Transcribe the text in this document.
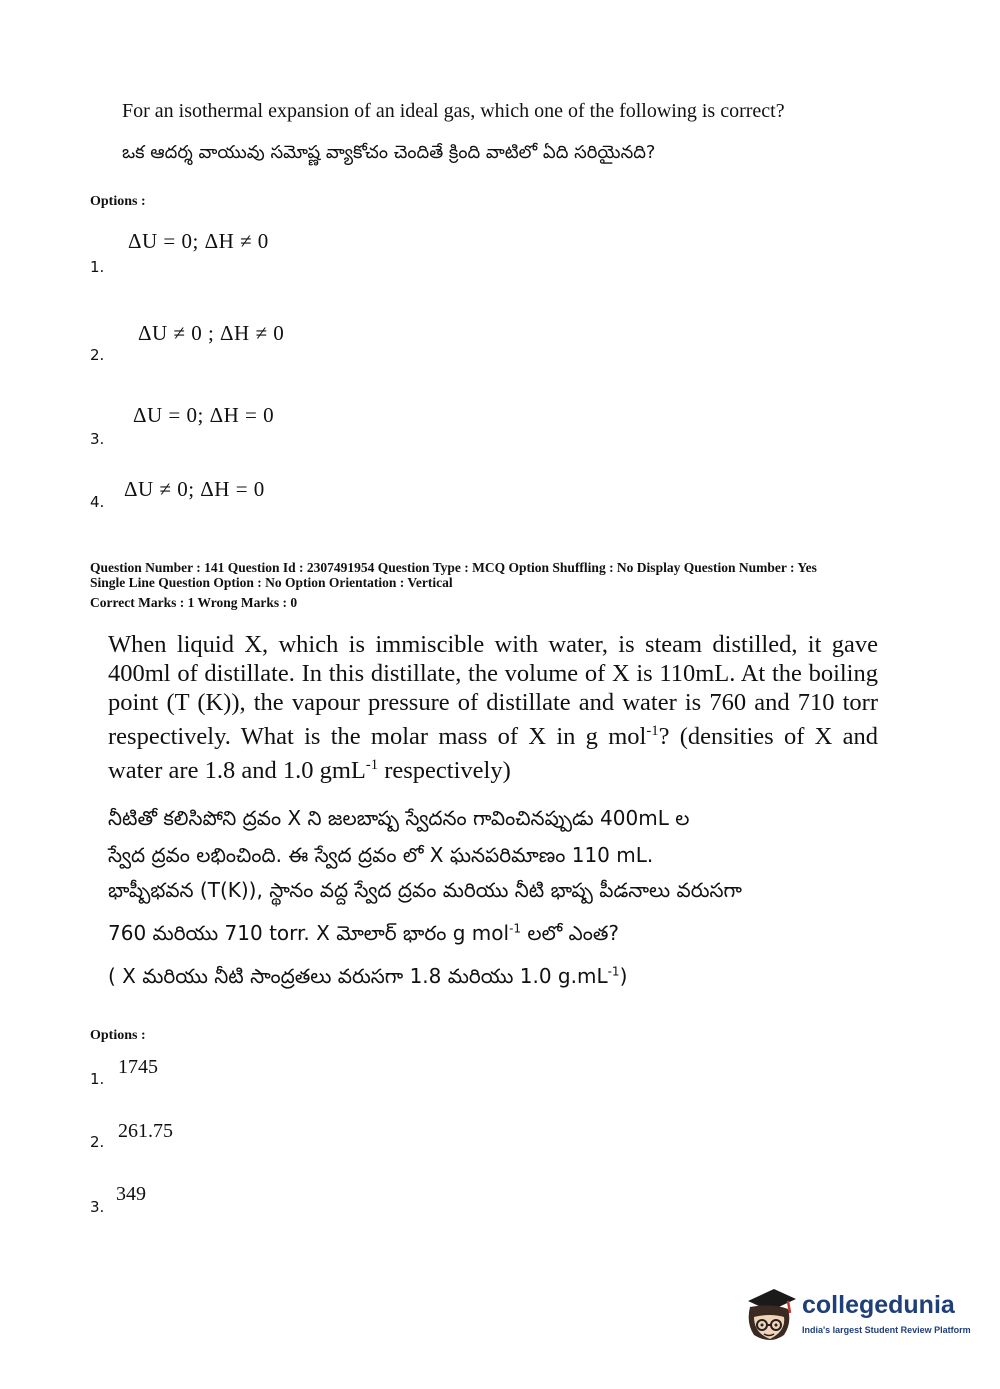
For an isothermal expansion of an ideal gas, which one of the following is correct?
ఒక ఆదర్శ వాయువు సమోష్ణ వ్యాకోచం చెందితే క్రింది వాటిలో ఏది సరియైనది?
Options :
ΔU = 0; ΔH ≠ 0
1.
ΔU ≠ 0 ; ΔH ≠ 0
2.
ΔU = 0; ΔH = 0
3.
ΔU ≠ 0; ΔH = 0
4.
Question Number : 141 Question Id : 2307491954 Question Type : MCQ Option Shuffling : No Display Question Number : Yes
Single Line Question Option : No Option Orientation : Vertical
Correct Marks : 1 Wrong Marks : 0
When liquid X, which is immiscible with water, is steam distilled, it gave 400ml of distillate. In this distillate, the volume of X is 110mL. At the boiling point (T (K)), the vapour pressure of distillate and water is 760 and 710 torr respectively. What is the molar mass of X in g mol$^{-1}$? (densities of X and water are 1.8 and 1.0 gmL$^{-1}$ respectively)
నీటితో కలిసిపోని ద్రవం X ని జలబాష్ప స్వేదనం గావించినప్పుడు 400mL ల
స్వేద ద్రవం లభించింది. ఈ స్వేద ద్రవం లో X ఘనపరిమాణం 110 mL.
భాష్పీభవన (T(K)), స్థానం వద్ద స్వేద ద్రవం మరియు నీటి భాష్ప పీడనాలు వరుసగా
760 మరియు 710 torr. X మోలార్ భారం g mol$^{-1}$ లలో ఎంత?
( X మరియు నీటి సాంద్రతలు వరుసగా 1.8 మరియు 1.0 $g.mL^{-1}$)
Options :
1745
1.
261.75
2.
349
3.
collegedunia
India's largest Student Review Platform
